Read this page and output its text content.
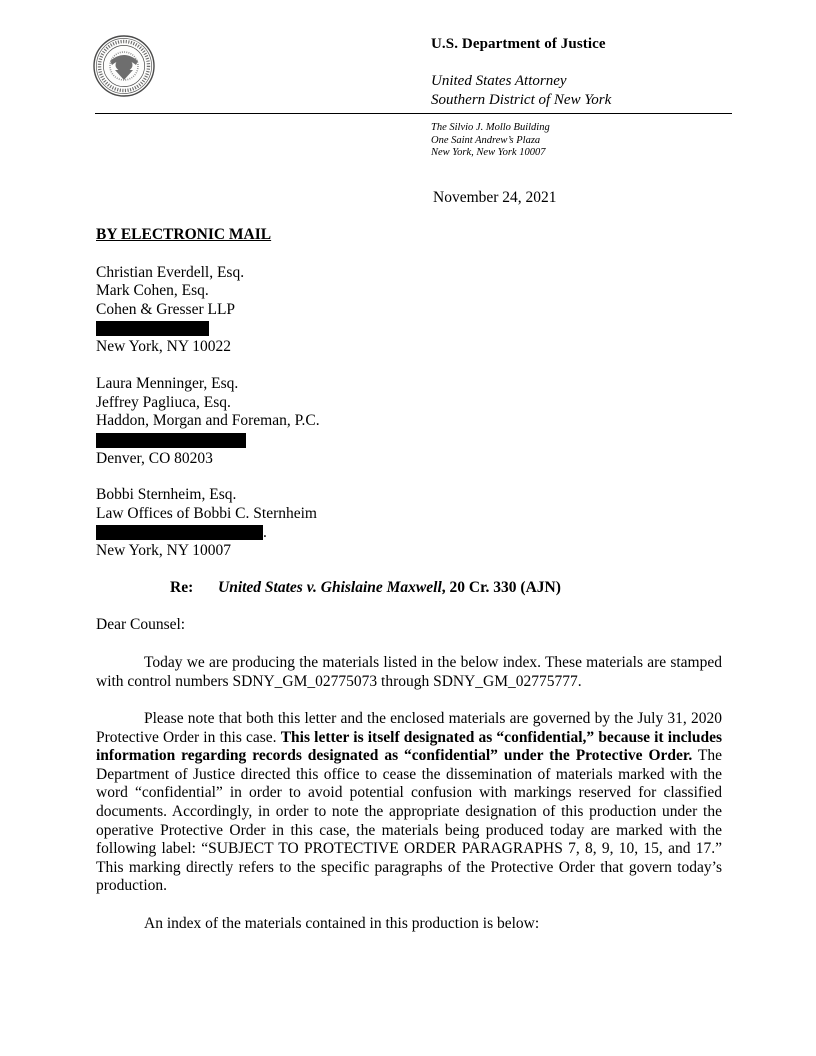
U.S. Department of Justice
United States Attorney
Southern District of New York
The Silvio J. Mollo Building
One Saint Andrew’s Plaza
New York, New York 10007
November 24, 2021
BY ELECTRONIC MAIL
Christian Everdell, Esq.
Mark Cohen, Esq.
Cohen & Gresser LLP
New York, NY 10022
Laura Menninger, Esq.
Jeffrey Pagliuca, Esq.
Haddon, Morgan and Foreman, P.C.
Denver, CO 80203
Bobbi Sternheim, Esq.
Law Offices of Bobbi C. Sternheim
.
New York, NY 10007
Re: United States v. Ghislaine Maxwell, 20 Cr. 330 (AJN)

Dear Counsel:

Today we are producing the materials listed in the below index. These materials are stamped with control numbers SDNY_GM_02775073 through SDNY_GM_02775777.

Please note that both this letter and the enclosed materials are governed by the July 31, 2020 Protective Order in this case. This letter is itself designated as “confidential,” because it includes information regarding records designated as “confidential” under the Protective Order. The Department of Justice directed this office to cease the dissemination of materials marked with the word “confidential” in order to avoid potential confusion with markings reserved for classified documents. Accordingly, in order to note the appropriate designation of this production under the operative Protective Order in this case, the materials being produced today are marked with the following label: “SUBJECT TO PROTECTIVE ORDER PARAGRAPHS 7, 8, 9, 10, 15, and 17.” This marking directly refers to the specific paragraphs of the Protective Order that govern today’s production.

An index of the materials contained in this production is below:
